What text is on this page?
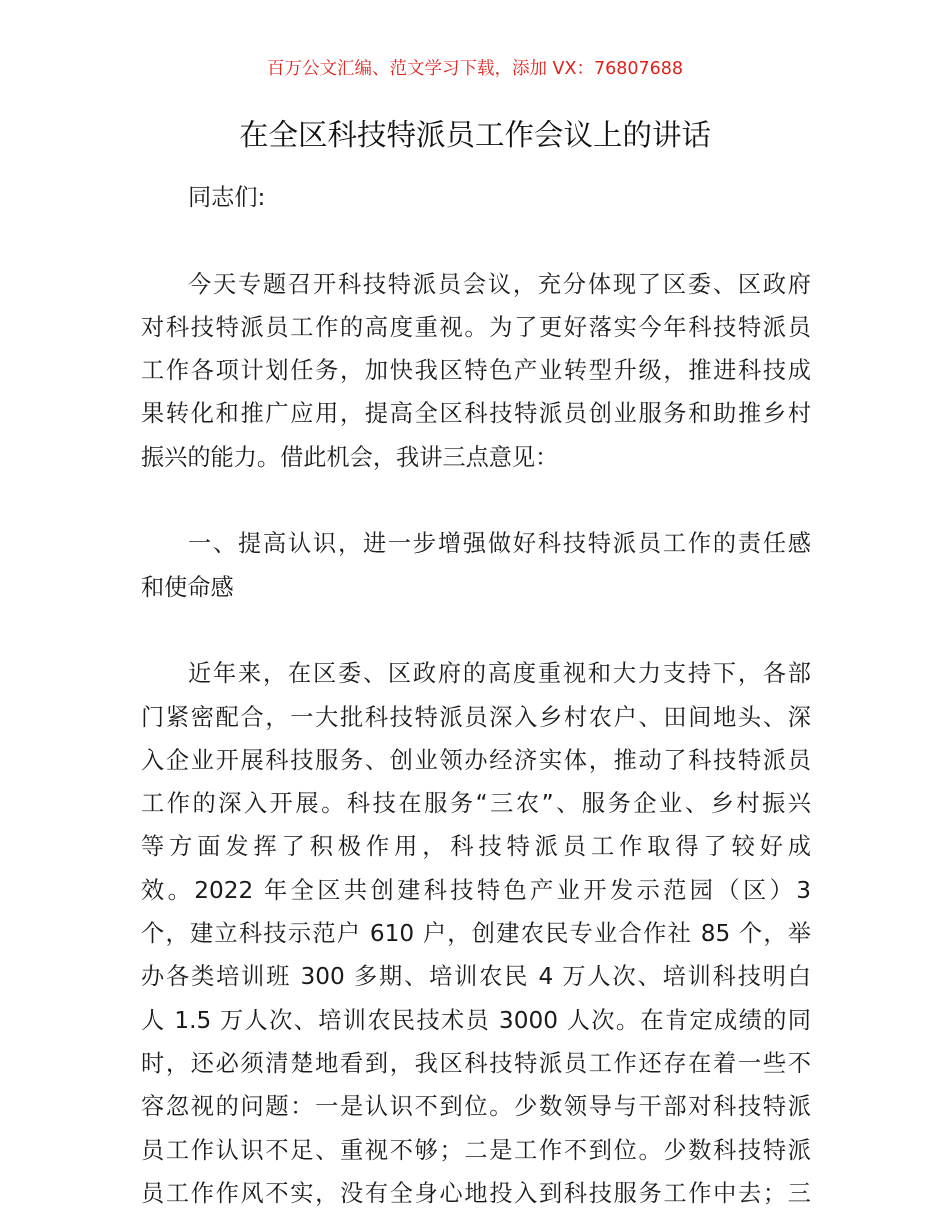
百万公文汇编、范文学习下载，添加 VX：76807688
在全区科技特派员工作会议上的讲话
同志们:
今天专题召开科技特派员会议，充分体现了区委、区政府
对科技特派员工作的高度重视。为了更好落实今年科技特派员
工作各项计划任务，加快我区特色产业转型升级，推进科技成
果转化和推广应用，提高全区科技特派员创业服务和助推乡村
振兴的能力。借此机会，我讲三点意见：
一、提高认识，进一步增强做好科技特派员工作的责任感
和使命感
近年来，在区委、区政府的高度重视和大力支持下，各部
门紧密配合，一大批科技特派员深入乡村农户、田间地头、深
入企业开展科技服务、创业领办经济实体，推动了科技特派员
工作的深入开展。科技在服务“三农”、服务企业、乡村振兴
等方面发挥了积极作用，科技特派员工作取得了较好成
效。2022 年全区共创建科技特色产业开发示范园（区）3
个，建立科技示范户 610 户，创建农民专业合作社 85 个，举
办各类培训班 300 多期、培训农民 4 万人次、培训科技明白
人 1.5 万人次、培训农民技术员 3000 人次。在肯定成绩的同
时，还必须清楚地看到，我区科技特派员工作还存在着一些不
容忽视的问题：一是认识不到位。少数领导与干部对科技特派
员工作认识不足、重视不够；二是工作不到位。少数科技特派
员工作作风不实，没有全身心地投入到科技服务工作中去；三
